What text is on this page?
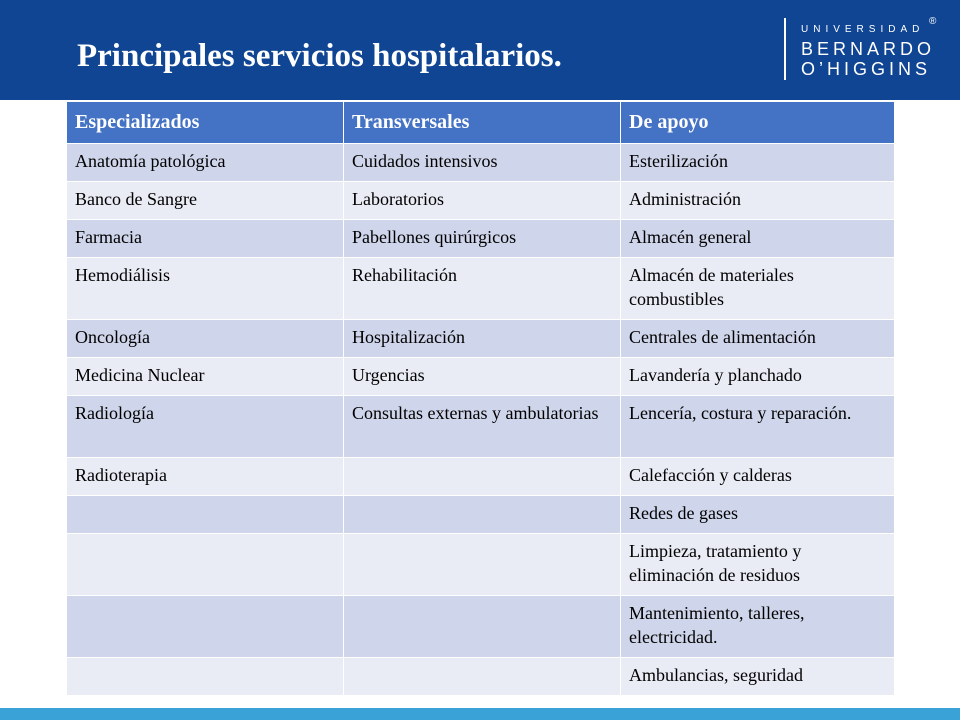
Principales servicios hospitalarios.
UNIVERSIDAD
BERNARDO
O’HIGGINS
®
Especializados	Transversales	De apoyo
Anatomía patológica	Cuidados intensivos	Esterilización
Banco de Sangre	Laboratorios	Administración
Farmacia	Pabellones quirúrgicos	Almacén general
Hemodiálisis	Rehabilitación	Almacén de materiales combustibles
Oncología	Hospitalización	Centrales de alimentación
Medicina Nuclear	Urgencias	Lavandería y planchado
Radiología	Consultas externas y ambulatorias	Lencería, costura y reparación.
Radioterapia		Calefacción y calderas
		Redes de gases
		Limpieza, tratamiento y eliminación de residuos
		Mantenimiento, talleres, electricidad.
		Ambulancias, seguridad
